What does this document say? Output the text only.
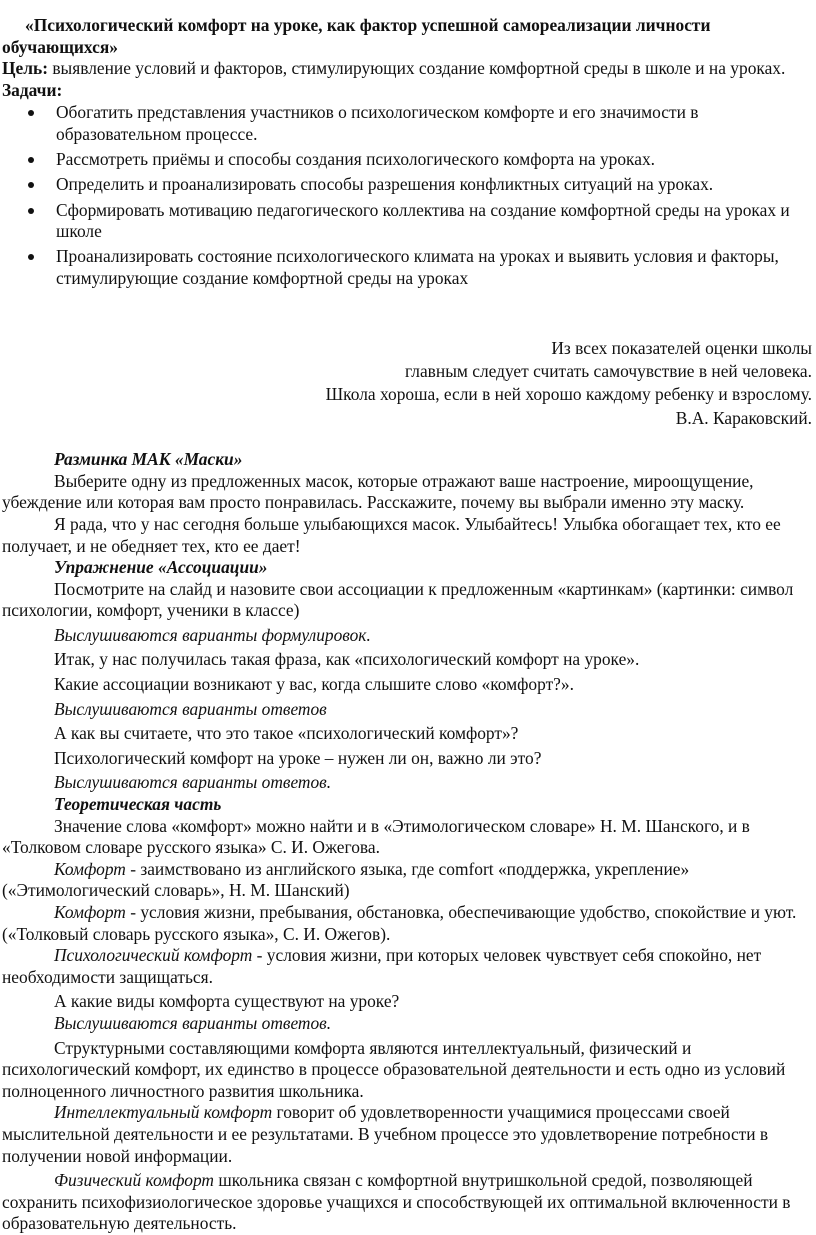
«Психологический комфорт на уроке, как фактор успешной самореализации личности обучающихся»

Цель: выявление условий и факторов, стимулирующих создание комфортной среды в школе и на уроках.

Задачи:

Обогатить представления участников о психологическом комфорте и его значимости в образовательном процессе.
Рассмотреть приёмы и способы создания психологического комфорта на уроках.
Определить и проанализировать способы разрешения конфликтных ситуаций на уроках.
Сформировать мотивацию педагогического коллектива на создание комфортной среды на уроках и школе
Проанализировать состояние психологического климата на уроках и выявить условия и факторы, стимулирующие создание комфортной среды на уроках
Из всех показателей оценки школы
главным следует считать самочувствие в ней человека.
Школа хороша, если в ней хорошо каждому ребенку и взрослому.
В.А. Караковский.

Разминка МАК «Маски»

Выберите одну из предложенных масок, которые отражают ваше настроение, мироощущение, убеждение или которая вам просто понравилась. Расскажите, почему вы выбрали именно эту маску.

Я рада, что у нас сегодня больше улыбающихся масок. Улыбайтесь! Улыбка обогащает тех, кто ее получает, и не обедняет тех, кто ее дает!

Упражнение «Ассоциации»

Посмотрите на слайд и назовите свои ассоциации к предложенным «картинкам» (картинки: символ психологии, комфорт, ученики в классе)

Выслушиваются варианты формулировок.

Итак, у нас получилась такая фраза, как «психологический комфорт на уроке».

Какие ассоциации возникают у вас, когда слышите слово «комфорт?».

Выслушиваются варианты ответов

А как вы считаете, что это такое «психологический комфорт»?

Психологический комфорт на уроке – нужен ли он, важно ли это?

Выслушиваются варианты ответов.

Теоретическая часть

Значение слова «комфорт» можно найти и в «Этимологическом словаре» Н. М. Шанского, и в «Толковом словаре русского языка» С. И. Ожегова.

Комфорт - заимствовано из английского языка, где comfort «поддержка, укрепление» («Этимологический словарь», Н. М. Шанский)

Комфорт - условия жизни, пребывания, обстановка, обеспечивающие удобство, спокойствие и уют. («Толковый словарь русского языка», С. И. Ожегов).

Психологический комфорт - условия жизни, при которых человек чувствует себя спокойно, нет необходимости защищаться.

А какие виды комфорта существуют на уроке?

Выслушиваются варианты ответов.

Структурными составляющими комфорта являются интеллектуальный, физический и психологический комфорт, их единство в процессе образовательной деятельности и есть одно из условий полноценного личностного развития школьника.

Интеллектуальный комфорт говорит об удовлетворенности учащимися процессами своей мыслительной деятельности и ее результатами. В учебном процессе это удовлетворение потребности в получении новой информации.

Физический комфорт школьника связан с комфортной внутришкольной средой, позволяющей сохранить психофизиологическое здоровье учащихся и способствующей их оптимальной включенности в образовательную деятельность.
